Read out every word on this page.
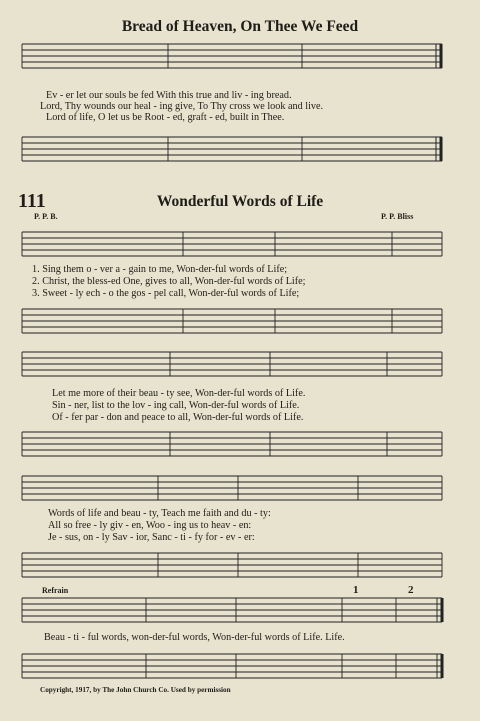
Bread of Heaven, On Thee We Feed
Ev - er let our souls be fed With this true and liv - ing bread.
Lord, Thy wounds our heal - ing give, To Thy cross we look and live.
Lord of life, O let us be Root - ed, graft - ed, built in Thee.
111	Wonderful Words of Life
P. P. B.	P. P. Bliss
1. Sing them o - ver a - gain to me, Won-der-ful words of Life;
2. Christ, the bless-ed One, gives to all, Won-der-ful words of Life;
3. Sweet - ly ech - o the gos - pel call, Won-der-ful words of Life;
Let me more of their beau - ty see, Won-der-ful words of Life.
Sin - ner, list to the lov - ing call, Won-der-ful words of Life.
Of - fer par - don and peace to all, Won-der-ful words of Life.
Words of life and beau - ty, Teach me faith and du - ty:
All so free - ly giv - en, Woo - ing us to heav - en:
Je - sus, on - ly Sav - ior, Sanc - ti - fy for - ev - er:
Refrain	1	2
Beau - ti - ful words, won-der-ful words, Won-der-ful words of Life. Life.
Copyright, 1917, by The John Church Co. Used by permission
